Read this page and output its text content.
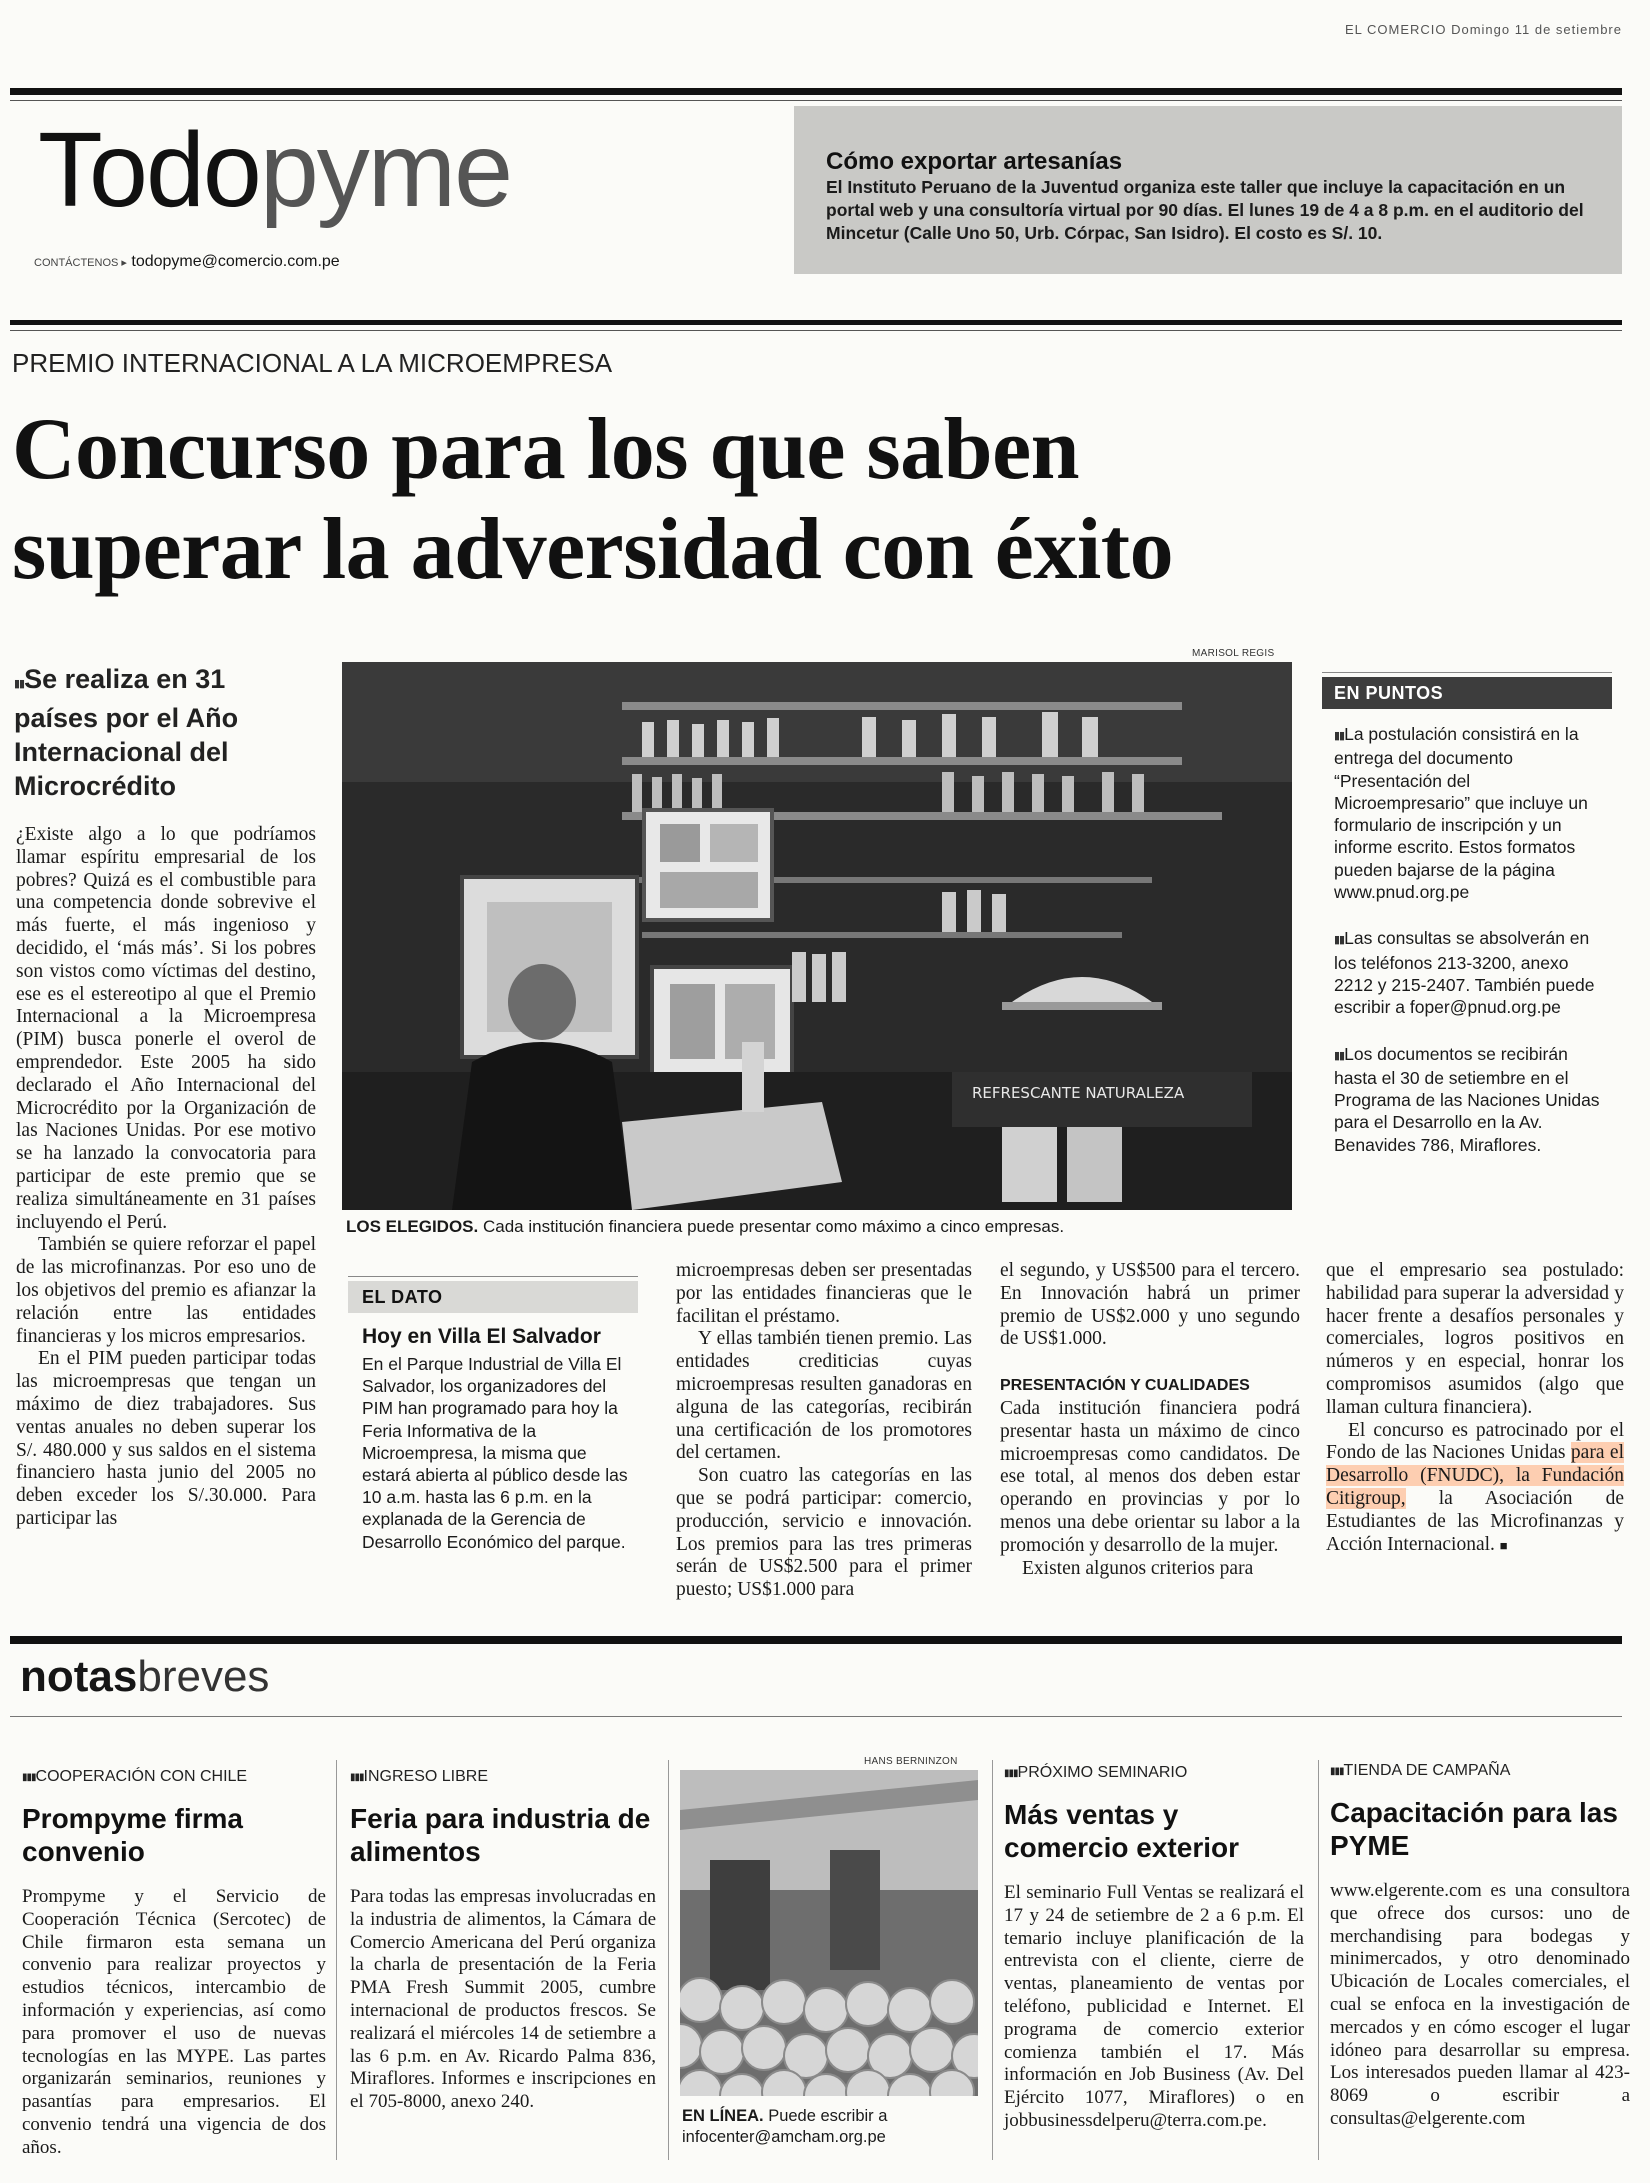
EL COMERCIO Domingo 11 de setiembre
Todopyme
CONTÁCTENOS ▸ todopyme@comercio.com.pe
Cómo exportar artesanías
El Instituto Peruano de la Juventud organiza este taller que incluye la capacitación en un portal web y una consultoría virtual por 90 días. El lunes 19 de 4 a 8 p.m. en el auditorio del Mincetur (Calle Uno 50, Urb. Córpac, San Isidro). El costo es S/. 10.
PREMIO INTERNACIONAL A LA MICROEMPRESA
Concurso para los que saben
superar la adversidad con éxito
▮▮ Se realiza en 31 países por el Año Internacional del Microcrédito

¿Existe algo a lo que podríamos llamar espíritu empresarial de los pobres? Quizá es el combustible para una competencia donde sobrevive el más fuerte, el más ingenioso y decidido, el ‘más más’. Si los pobres son vistos como víctimas del destino, ese es el estereotipo al que el Premio Internacional a la Microempresa (PIM) busca ponerle el overol de emprendedor. Este 2005 ha sido declarado el Año Internacional del Microcrédito por la Organización de las Naciones Unidas. Por ese motivo se ha lanzado la convocatoria para participar de este premio que se realiza simultáneamente en 31 países incluyendo el Perú.

También se quiere reforzar el papel de las microfinanzas. Por eso uno de los objetivos del premio es afianzar la relación entre las entidades financieras y los micros empresarios.

En el PIM pueden participar todas las microempresas que tengan un máximo de diez trabajadores. Sus ventas anuales no deben superar los S/. 480.000 y sus saldos en el sistema financiero hasta junio del 2005 no deben exceder los S/.30.000. Para participar las

MARISOL REGIS
REFRESCANTE NATURALEZA
LOS ELEGIDOS. Cada institución financiera puede presentar como máximo a cinco empresas.
EN PUNTOS
▮▮ La postulación consistirá en la entrega del documento “Presentación del Microempresario” que incluye un formulario de inscripción y un informe escrito. Estos formatos pueden bajarse de la página www.pnud.org.pe
▮▮ Las consultas se absolverán en los teléfonos 213-3200, anexo 2212 y 215-2407. También puede escribir a foper@pnud.org.pe
▮▮ Los documentos se recibirán hasta el 30 de setiembre en el Programa de las Naciones Unidas para el Desarrollo en la Av. Benavides 786, Miraflores.
EL DATO
Hoy en Villa El Salvador
En el Parque Industrial de Villa El Salvador, los organizadores del PIM han programado para hoy la Feria Informativa de la Microempresa, la misma que estará abierta al público desde las 10 a.m. hasta las 6 p.m. en la explanada de la Gerencia de Desarrollo Económico del parque.

microempresas deben ser presentadas por las entidades financieras que le facilitan el préstamo.

Y ellas también tienen premio. Las entidades crediticias cuyas microempresas resulten ganadoras en alguna de las categorías, recibirán una certificación de los promotores del certamen.

Son cuatro las categorías en las que se podrá participar: comercio, producción, servicio e innovación. Los premios para las tres primeras serán de US$2.500 para el primer puesto; US$1.000 para

el segundo, y US$500 para el tercero. En Innovación habrá un primer premio de US$2.000 y uno segundo de US$1.000.

PRESENTACIÓN Y CUALIDADES

Cada institución financiera podrá presentar hasta un máximo de cinco microempresas como candidatos. De ese total, al menos dos deben estar operando en provincias y por lo menos una debe orientar su labor a la promoción y desarrollo de la mujer.

Existen algunos criterios para

que el empresario sea postulado: habilidad para superar la adversidad y hacer frente a desafíos personales y comerciales, logros positivos en números y en especial, honrar los compromisos asumidos (algo que llaman cultura financiera).

El concurso es patrocinado por el Fondo de las Naciones Unidas para el Desarrollo (FNUDC), la Fundación Citigroup, la Asociación de Estudiantes de las Microfinanzas y Acción Internacional. ■

notasbreves
▮▮▮ COOPERACIÓN CON CHILE
Prompyme firma convenio
Prompyme y el Servicio de Cooperación Técnica (Sercotec) de Chile firmaron esta semana un convenio para realizar proyectos y estudios técnicos, intercambio de información y experiencias, así como para promover el uso de nuevas tecnologías en las MYPE. Las partes organizarán seminarios, reuniones y pasantías para empresarios. El convenio tendrá una vigencia de dos años.
▮▮▮ INGRESO LIBRE
Feria para industria de alimentos
Para todas las empresas involucradas en la industria de alimentos, la Cámara de Comercio Americana del Perú organiza la charla de presentación de la Feria PMA Fresh Summit 2005, cumbre internacional de productos frescos. Se realizará el miércoles 14 de setiembre a las 6 p.m. en Av. Ricardo Palma 836, Miraflores. Informes e inscripciones en el 705-8000, anexo 240.
HANS BERNINZON
EN LÍNEA. Puede escribir a infocenter@amcham.org.pe
▮▮▮ PRÓXIMO SEMINARIO
Más ventas y comercio exterior
El seminario Full Ventas se realizará el 17 y 24 de setiembre de 2 a 6 p.m. El temario incluye planificación de la entrevista con el cliente, cierre de ventas, planeamiento de ventas por teléfono, publicidad e Internet. El programa de comercio exterior comienza también el 17. Más información en Job Business (Av. Del Ejército 1077, Miraflores) o en jobbusinessdelperu@terra.com.pe.
▮▮▮ TIENDA DE CAMPAÑA
Capacitación para las PYME
www.elgerente.com es una consultora que ofrece dos cursos: uno de merchandising para bodegas y minimercados, y otro denominado Ubicación de Locales comerciales, el cual se enfoca en la investigación de mercados y en cómo escoger el lugar idóneo para desarrollar su empresa. Los interesados pueden llamar al 423-8069 o escribir a consultas@elgerente.com
